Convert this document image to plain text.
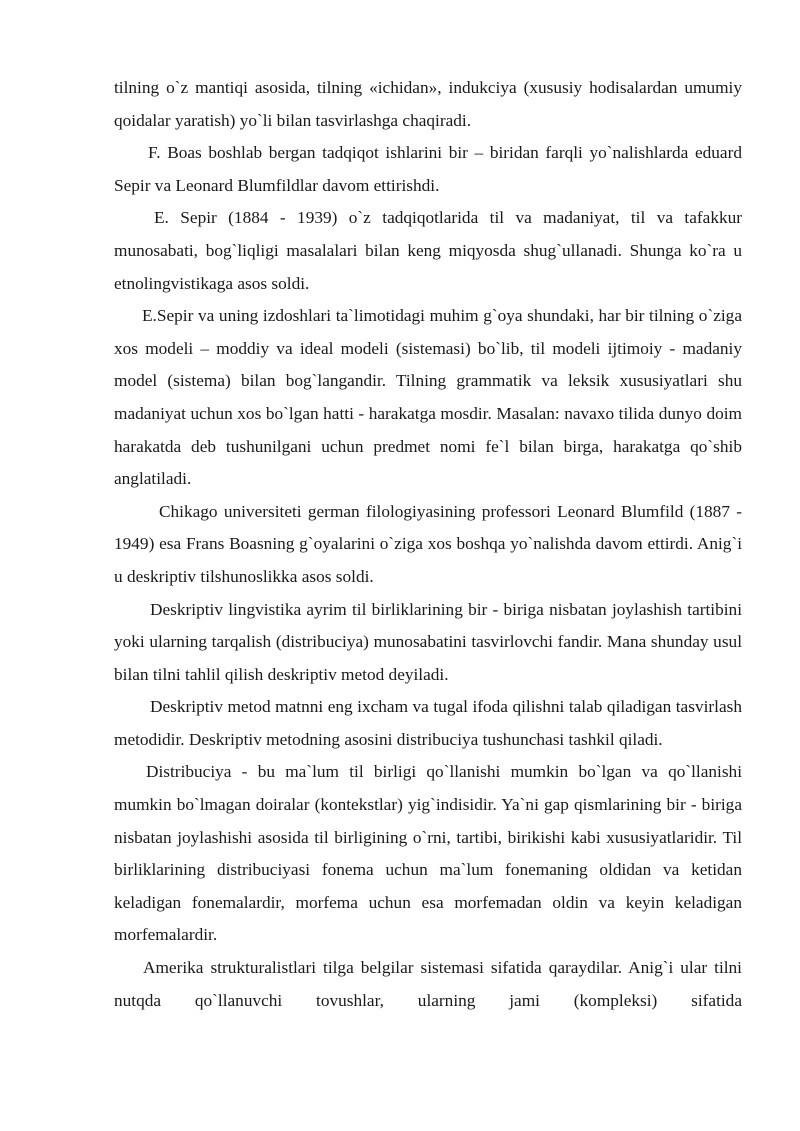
tilning o`z mantiqi asosida, tilning «ichidan», indukciya (xususiy hodisalardan umumiy qoidalar yaratish) yo`li bilan tasvirlashga chaqiradi.

F. Boas boshlab bergan tadqiqot ishlarini bir – biridan farqli yo`nalishlarda eduard Sepir va Leonard Blumfildlar davom ettirishdi.

E. Sepir (1884 - 1939) o`z tadqiqotlarida til va madaniyat, til va tafakkur munosabati, bog`liqligi masalalari bilan keng miqyosda shug`ullanadi. Shunga ko`ra u etnolingvistikaga asos soldi.

E.Sepir va uning izdoshlari ta`limotidagi muhim g`oya shundaki, har bir tilning o`ziga xos modeli – moddiy va ideal modeli (sistemasi) bo`lib, til modeli ijtimoiy - madaniy model (sistema) bilan bog`langandir. Tilning grammatik va leksik xususiyatlari shu madaniyat uchun xos bo`lgan hatti - harakatga mosdir. Masalan: navaxo tilida dunyo doim harakatda deb tushunilgani uchun predmet nomi fe`l bilan birga, harakatga qo`shib anglatiladi.

Chikago universiteti german filologiyasining professori Leonard Blumfild (1887 - 1949) esa Frans Boasning g`oyalarini o`ziga xos boshqa yo`nalishda davom ettirdi. Anig`i u deskriptiv tilshunoslikka asos soldi.

Deskriptiv lingvistika ayrim til birliklarining bir - biriga nisbatan joylashish tartibini yoki ularning tarqalish (distribuciya) munosabatini tasvirlovchi fandir. Mana shunday usul bilan tilni tahlil qilish deskriptiv metod deyiladi.

Deskriptiv metod matnni eng ixcham va tugal ifoda qilishni talab qiladigan tasvirlash metodidir. Deskriptiv metodning asosini distribuciya tushunchasi tashkil qiladi.

Distribuciya - bu ma`lum til birligi qo`llanishi mumkin bo`lgan va qo`llanishi mumkin bo`lmagan doiralar (kontekstlar) yig`indisidir. Ya`ni gap qismlarining bir - biriga nisbatan joylashishi asosida til birligining o`rni, tartibi, birikishi kabi xususiyatlaridir. Til birliklarining distribuciyasi fonema uchun ma`lum fonemaning oldidan va ketidan keladigan fonemalardir, morfema uchun esa morfemadan oldin va keyin keladigan morfemalardir.

Amerika strukturalistlari tilga belgilar sistemasi sifatida qaraydilar. Anig`i ular tilni nutqda qo`llanuvchi tovushlar, ularning jami (kompleksi) sifatida
